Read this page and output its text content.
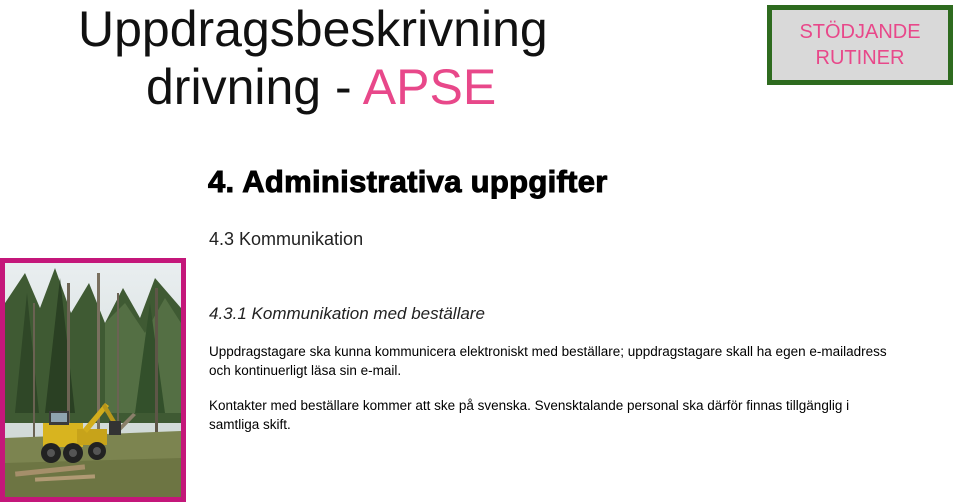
Uppdragsbeskrivning
drivning - APSE
STÖDJANDE
RUTINER
4. Administrativa uppgifter
4.3 Kommunikation
4.3.1 Kommunikation med beställare
Uppdragstagare ska kunna kommunicera elektroniskt med beställare; uppdragstagare skall ha egen e-mailadress och kontinuerligt läsa sin e-mail.
Kontakter med beställare kommer att ske på svenska. Svensktalande personal ska därför finnas tillgänglig i samtliga skift.
